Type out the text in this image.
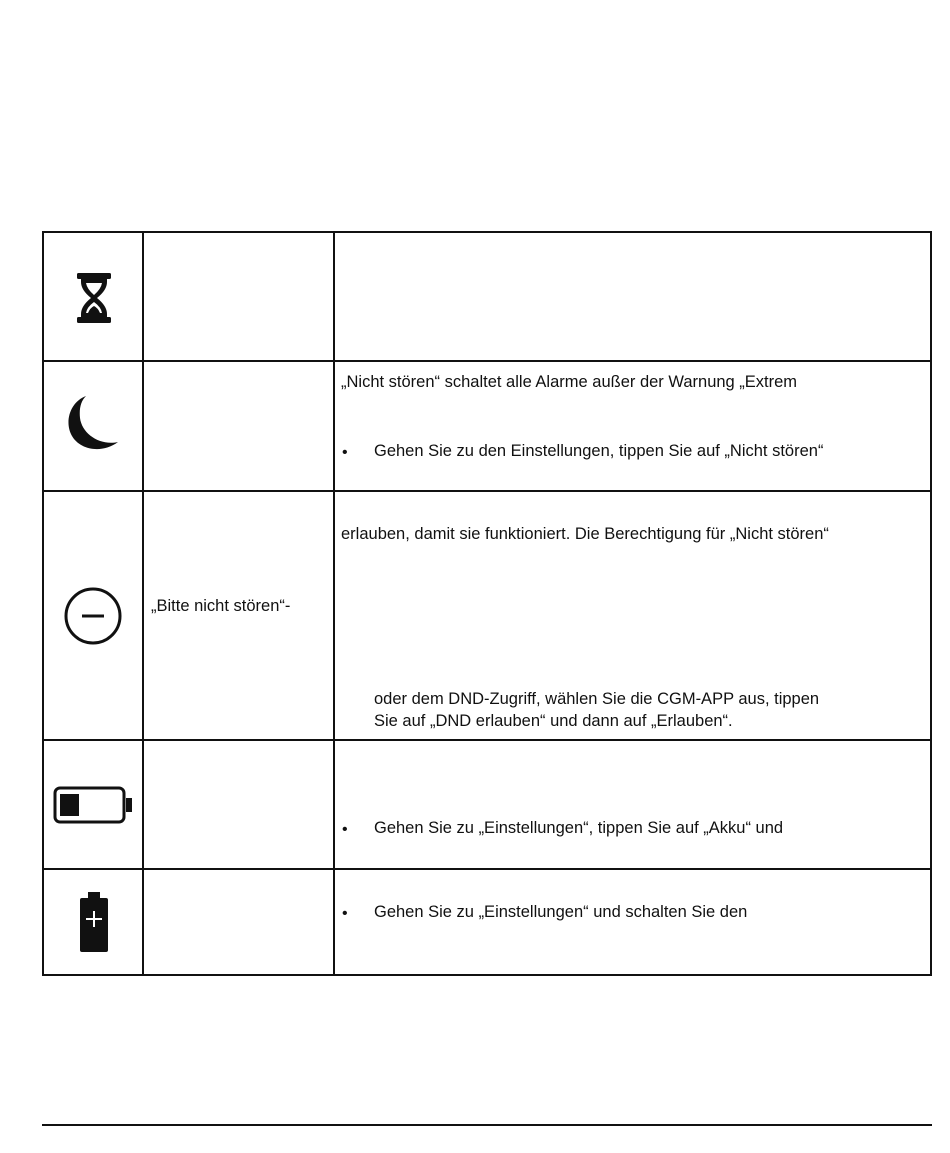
„Nicht stören“ schaltet alle Alarme außer der Warnung „Extrem
• Gehen Sie zu den Einstellungen, tippen Sie auf „Nicht stören“
„Bitte nicht stören“-
erlauben, damit sie funktioniert. Die Berechtigung für „Nicht stören“
oder dem DND-Zugriff, wählen Sie die CGM-APP aus, tippen
Sie auf „DND erlauben“ und dann auf „Erlauben“.
• Gehen Sie zu „Einstellungen“, tippen Sie auf „Akku“ und
• Gehen Sie zu „Einstellungen“ und schalten Sie den
